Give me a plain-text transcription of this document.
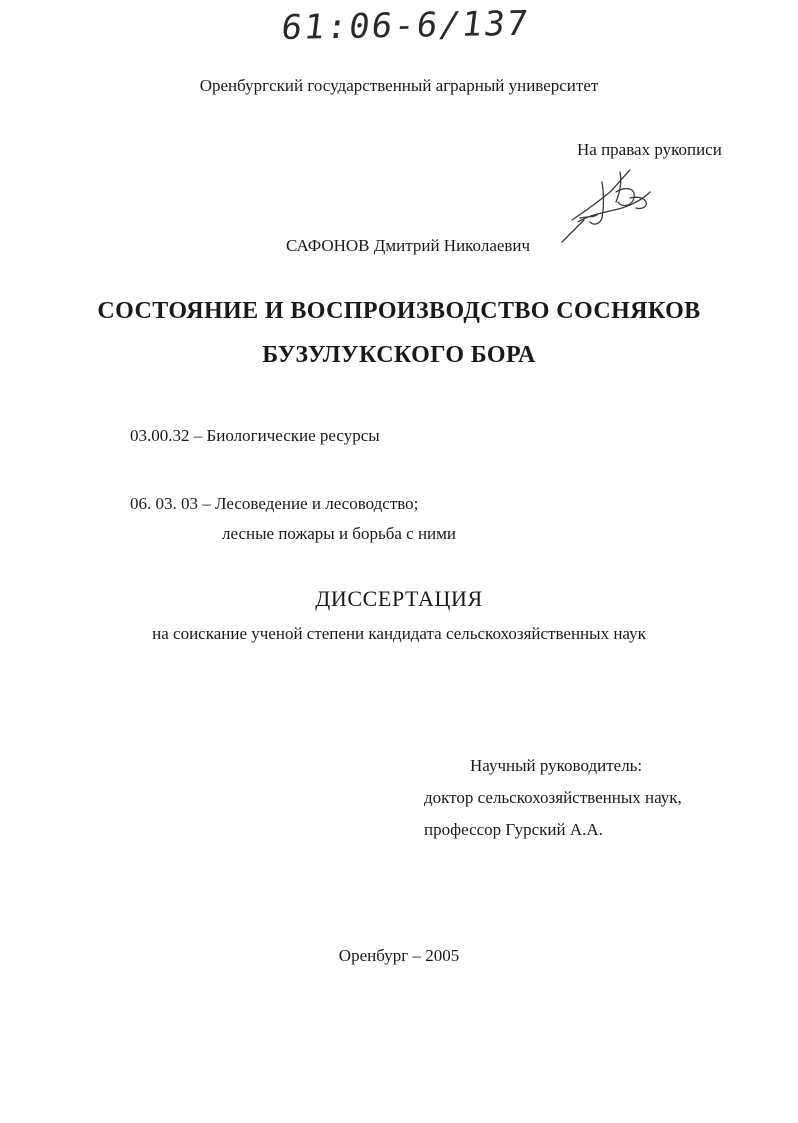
61:06-6/137
Оренбургский государственный аграрный университет
На правах рукописи
САФОНОВ Дмитрий Николаевич
СОСТОЯНИЕ И ВОСПРОИЗВОДСТВО СОСНЯКОВ
БУЗУЛУКСКОГО БОРА
03.00.32 – Биологические ресурсы
06. 03. 03 – Лесоведение и лесоводство;
лесные пожары и борьба с ними
ДИССЕРТАЦИЯ
на соискание ученой степени кандидата сельскохозяйственных наук
Научный руководитель:
доктор сельскохозяйственных наук,
профессор Гурский А.А.
Оренбург – 2005
